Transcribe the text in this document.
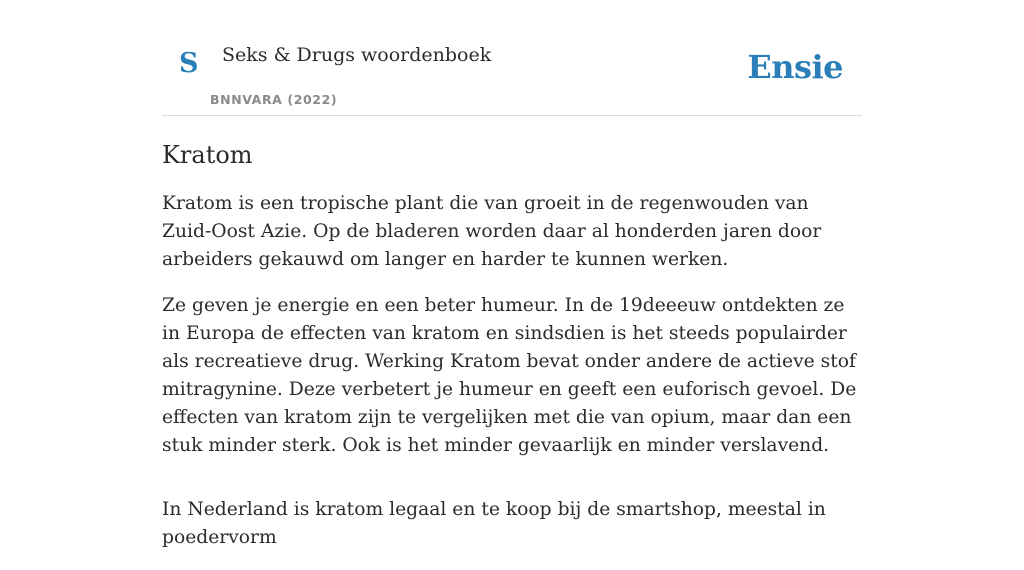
S Seks & Drugs woordenboek
BNNVARA (2022)
Ensie
Kratom

Kratom is een tropische plant die van groeit in de regenwouden van Zuid-Oost Azie. Op de bladeren worden daar al honderden jaren door arbeiders gekauwd om langer en harder te kunnen werken.

Ze geven je energie en een beter humeur. In de 19deeeuw ontdekten ze in Europa de effecten van kratom en sindsdien is het steeds populairder als recreatieve drug. Werking Kratom bevat onder andere de actieve stof mitragynine. Deze verbetert je humeur en geeft een euforisch gevoel. De effecten van kratom zijn te vergelijken met die van opium, maar dan een stuk minder sterk. Ook is het minder gevaarlijk en minder verslavend.

In Nederland is kratom legaal en te koop bij de smartshop, meestal in poedervorm
